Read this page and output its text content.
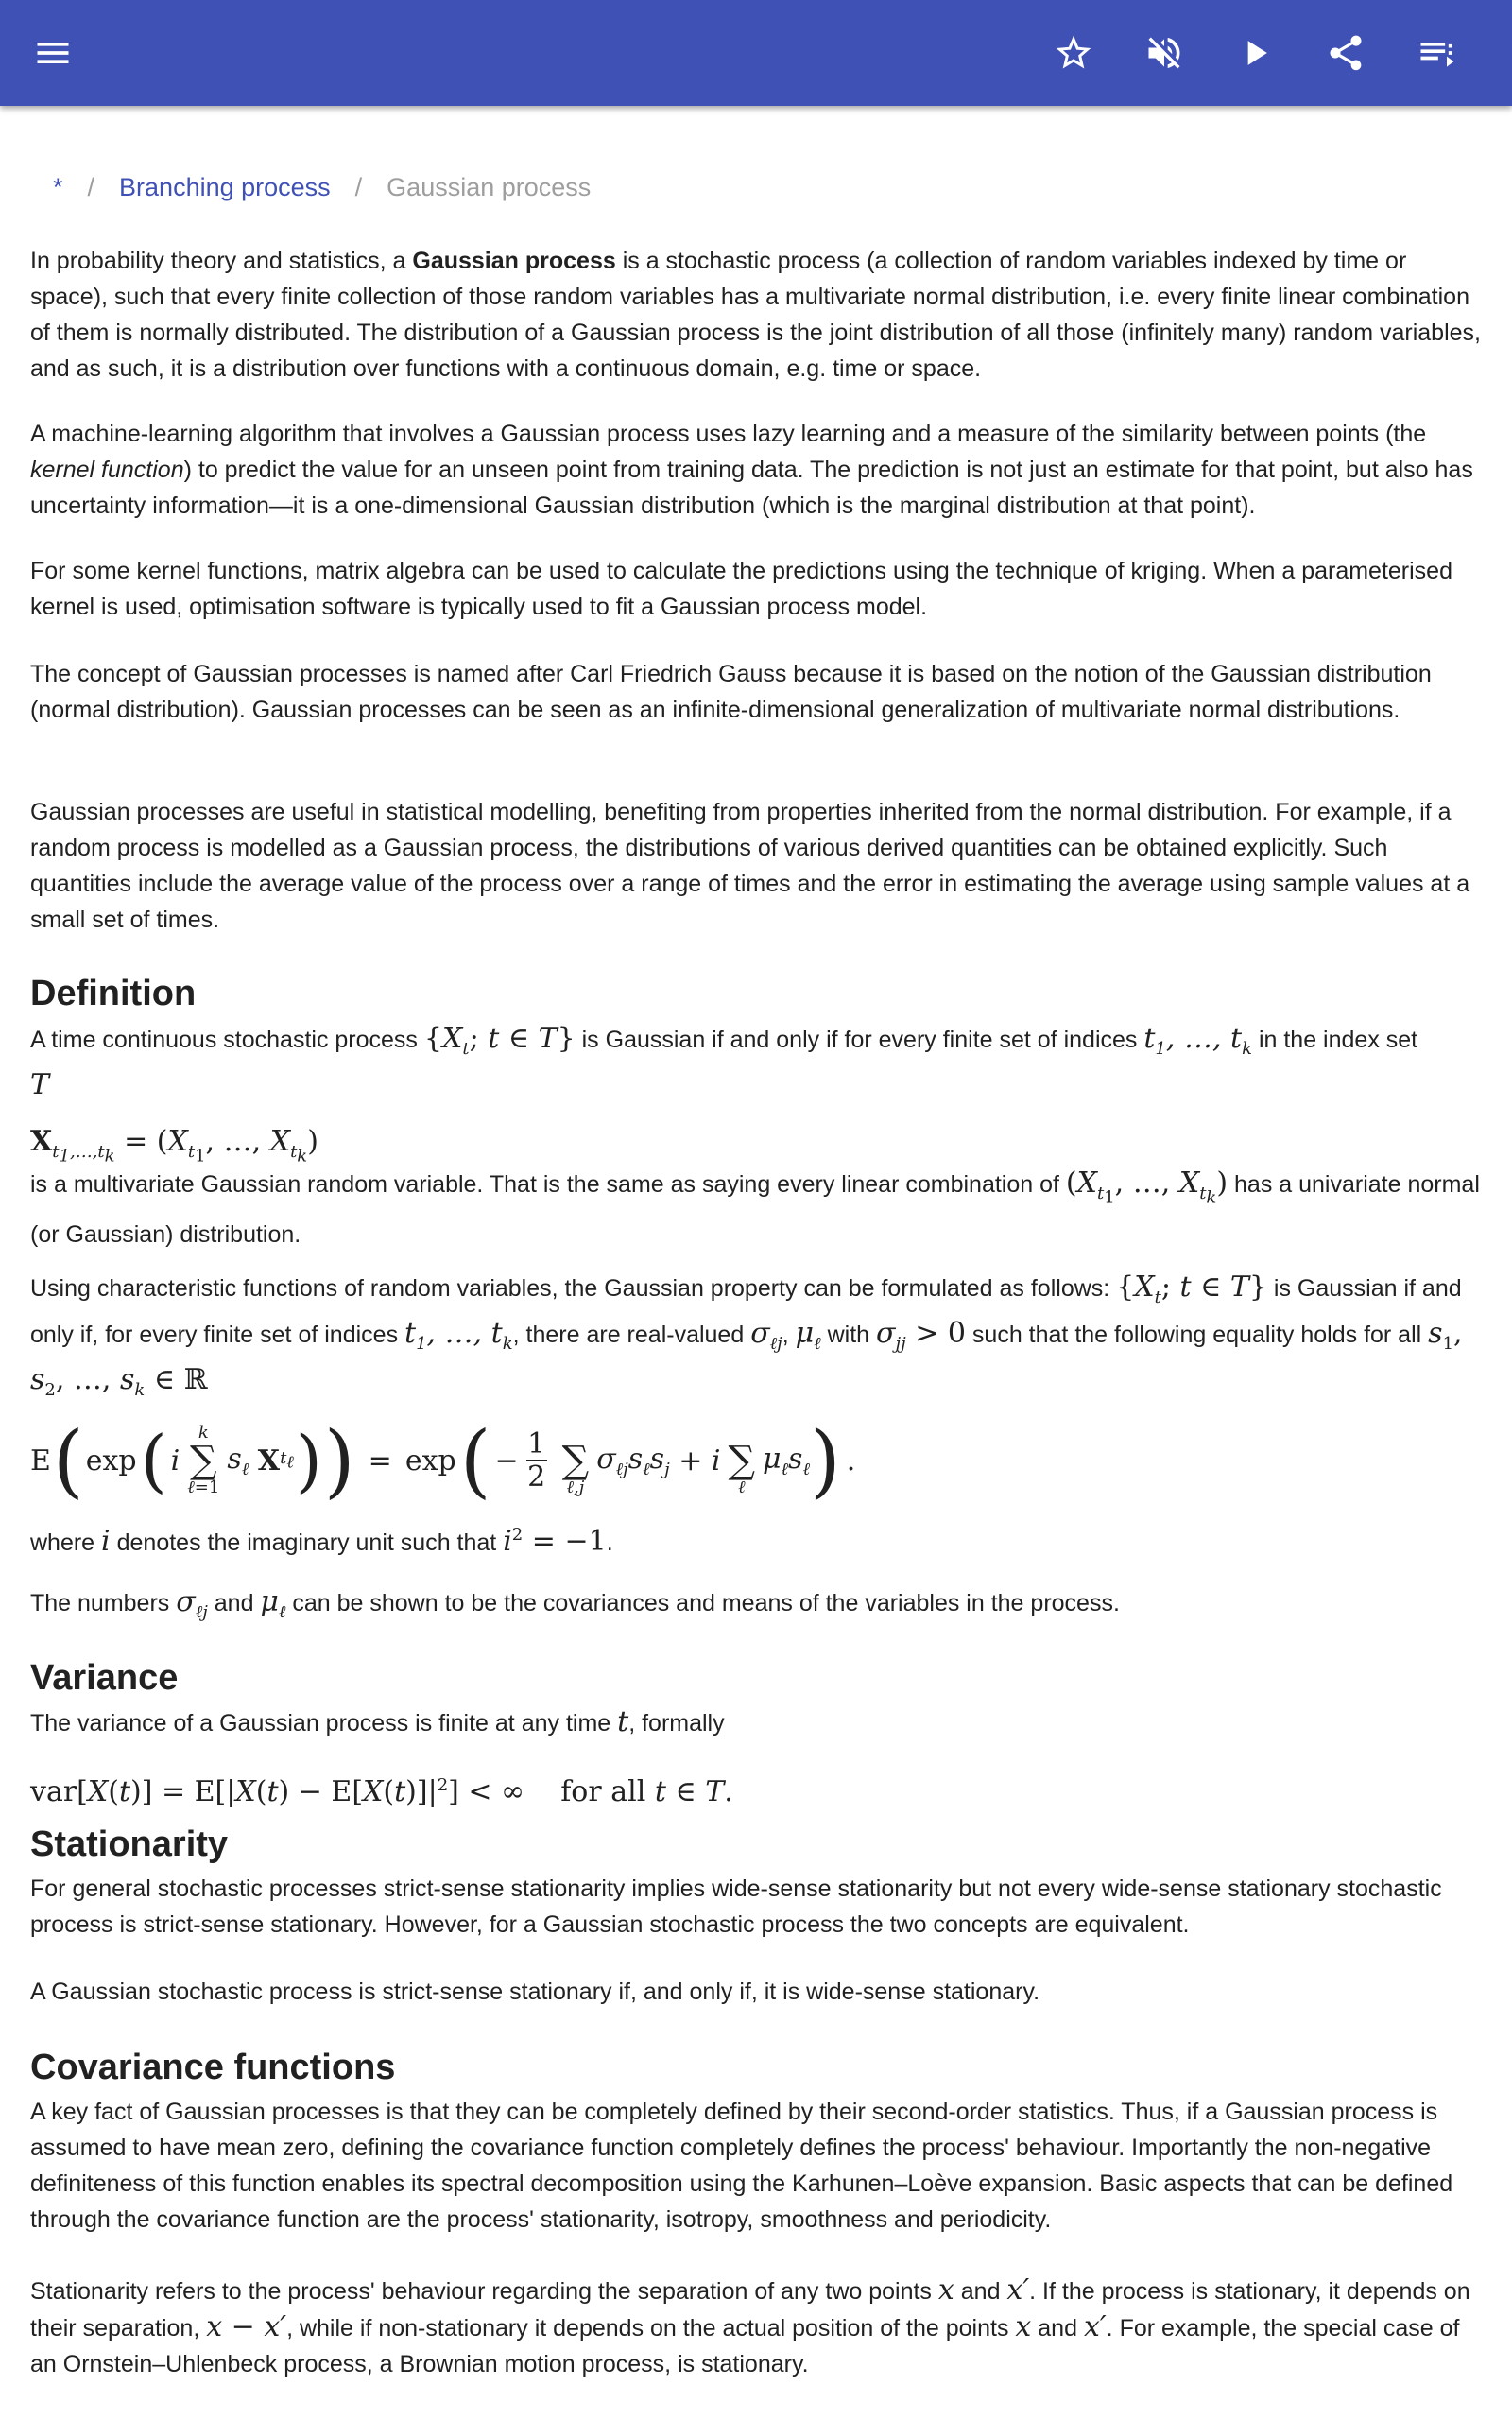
* / Branching process / Gaussian process

In probability theory and statistics, a Gaussian process is a stochastic process (a collection of random variables indexed by time or space), such that every finite collection of those random variables has a multivariate normal distribution, i.e. every finite linear combination of them is normally distributed. The distribution of a Gaussian process is the joint distribution of all those (infinitely many) random variables, and as such, it is a distribution over functions with a continuous domain, e.g. time or space.

A machine-learning algorithm that involves a Gaussian process uses lazy learning and a measure of the similarity between points (the kernel function) to predict the value for an unseen point from training data. The prediction is not just an estimate for that point, but also has uncertainty information—it is a one-dimensional Gaussian distribution (which is the marginal distribution at that point).

For some kernel functions, matrix algebra can be used to calculate the predictions using the technique of kriging. When a parameterised kernel is used, optimisation software is typically used to fit a Gaussian process model.

The concept of Gaussian processes is named after Carl Friedrich Gauss because it is based on the notion of the Gaussian distribution (normal distribution). Gaussian processes can be seen as an infinite-dimensional generalization of multivariate normal distributions.

Gaussian processes are useful in statistical modelling, benefiting from properties inherited from the normal distribution. For example, if a random process is modelled as a Gaussian process, the distributions of various derived quantities can be obtained explicitly. Such quantities include the average value of the process over a range of times and the error in estimating the average using sample values at a small set of times.

Definition

A time continuous stochastic process {$X_t$; t ∈ T} is Gaussian if and only if for every finite set of indices $t_1$, …, $t_k$ in the index set
T

$X_{t_1,\dots,t_k} = (X_{t_1}$, …, $X_{t_k}$)

is a multivariate Gaussian random variable. That is the same as saying every linear combination of ($X_{t_1}$, …, $X_{t_k}$) has a univariate normal (or Gaussian) distribution.

Using characteristic functions of random variables, the Gaussian property can be formulated as follows: {$X_t$; t ∈ T} is Gaussian if and only if, for every finite set of indices $t_1$, …, $t_k$, there are real-valued $\sigma_{\ell j}$, $\mu_\ell$ with $\sigma_{jj} > 0$ such that the following equality holds for all $s_1$, $s_2$, …, $s_k$ ∈ ℝ

E ( exp ( i
k
∑
ℓ=1
$s_\ell$
X $t_\ell$ ) ) = exp ( − 1
2 ∑
ℓ,j
$\sigma_{\ell j}s_\ell s_j + i$ ∑
ℓ
$\mu_\ell s_\ell$ ) .

where i denotes the imaginary unit such that $i^2 = -1$.

The numbers $\sigma_{\ell j}$ and $\mu_\ell$ can be shown to be the covariances and means of the variables in the process.

Variance

The variance of a Gaussian process is finite at any time t, formally

$var[X(t)] = E[|X(t) - E[X(t)]|^2]$ < ∞    for all t ∈ T.
Stationarity

For general stochastic processes strict-sense stationarity implies wide-sense stationarity but not every wide-sense stationary stochastic process is strict-sense stationary. However, for a Gaussian stochastic process the two concepts are equivalent.

A Gaussian stochastic process is strict-sense stationary if, and only if, it is wide-sense stationary.

Covariance functions

A key fact of Gaussian processes is that they can be completely defined by their second-order statistics. Thus, if a Gaussian process is assumed to have mean zero, defining the covariance function completely defines the process' behaviour. Importantly the non-negative definiteness of this function enables its spectral decomposition using the Karhunen–Loève expansion. Basic aspects that can be defined through the covariance function are the process' stationarity, isotropy, smoothness and periodicity.

Stationarity refers to the process' behaviour regarding the separation of any two points x and x′. If the process is stationary, it depends on their separation, x − x′, while if non-stationary it depends on the actual position of the points x and x′. For example, the special case of an Ornstein–Uhlenbeck process, a Brownian motion process, is stationary.
